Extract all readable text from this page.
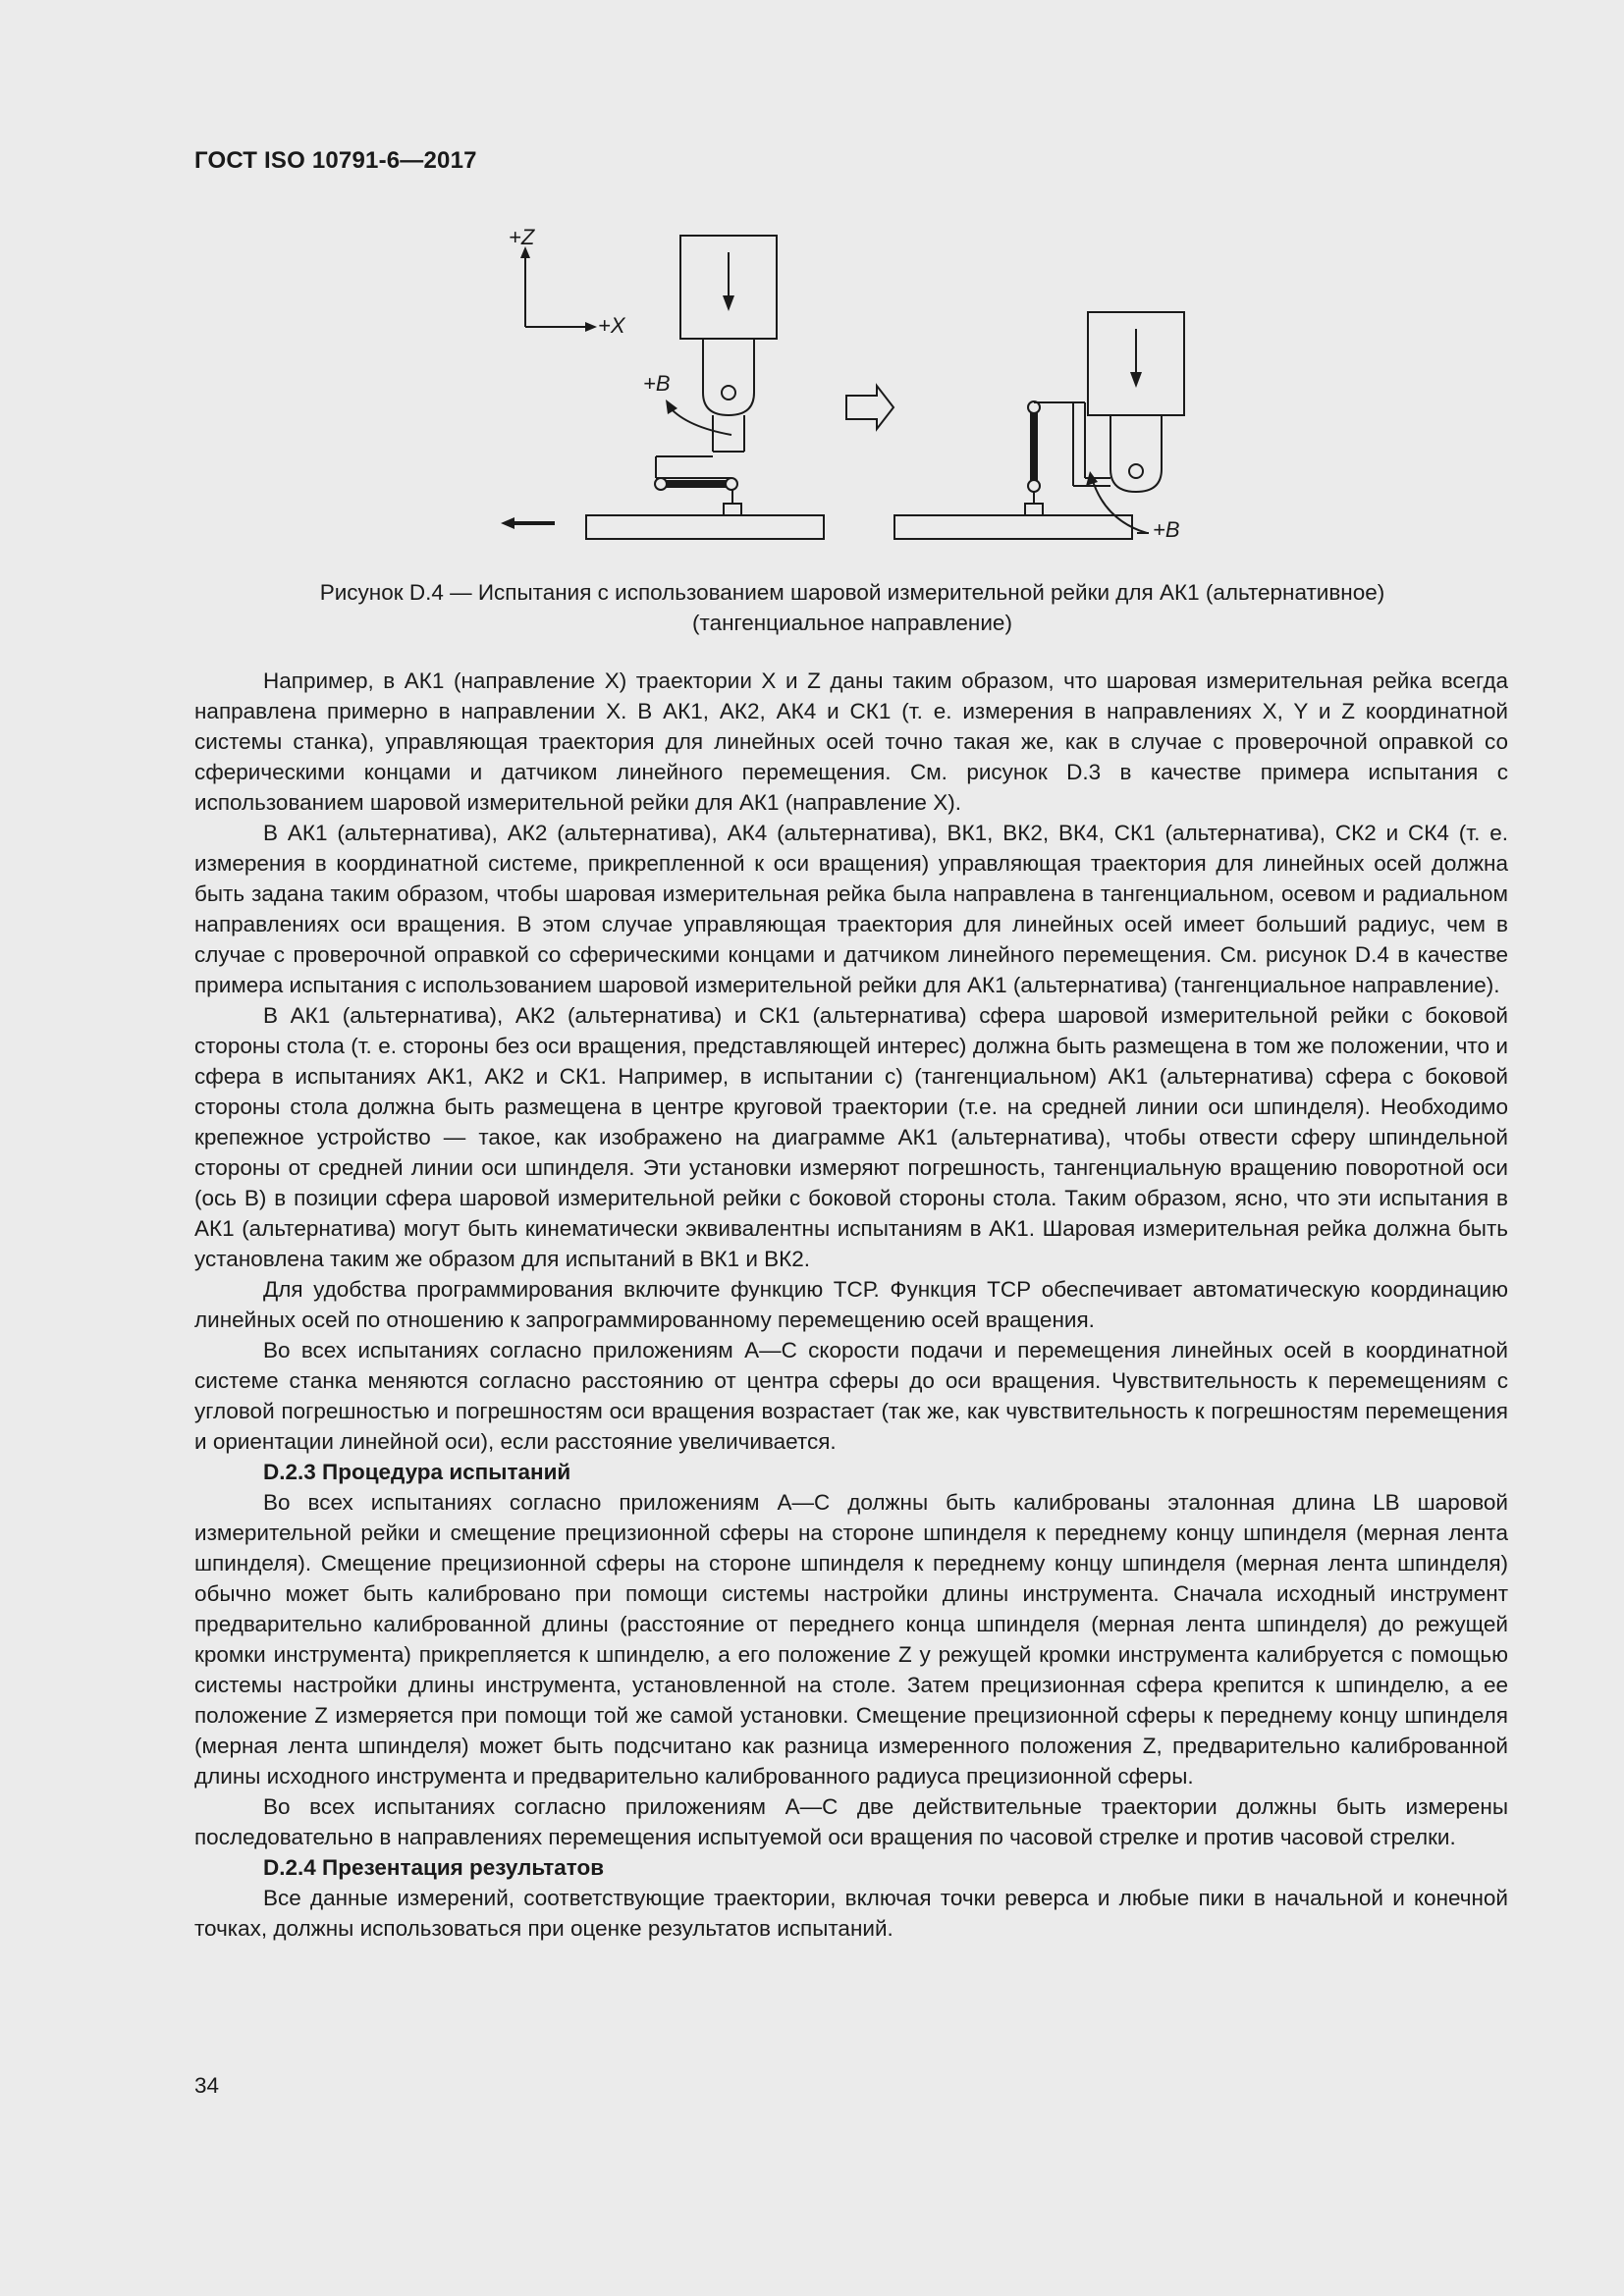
ГОСТ ISO 10791-6—2017
+Z
+X
+B
+B
Рисунок D.4 — Испытания с использованием шаровой измерительной рейки для АК1 (альтернативное)
(тангенциальное направление)

Например, в АК1 (направление X) траектории X и Z даны таким образом, что шаровая измерительная рейка всегда направлена примерно в направлении X. В АК1, АК2, АК4 и СК1 (т. е. измерения в направлениях X, Y и Z координатной системы станка), управляющая траектория для линейных осей точно такая же, как в случае с проверочной оправкой со сферическими концами и датчиком линейного перемещения. См. рисунок D.3 в качестве примера испытания с использованием шаровой измерительной рейки для АК1 (направление X).

В АК1 (альтернатива), АК2 (альтернатива), АК4 (альтернатива), ВК1, ВК2, ВК4, СК1 (альтернатива), СК2 и СК4 (т. е. измерения в координатной системе, прикрепленной к оси вращения) управляющая траектория для линейных осей должна быть задана таким образом, чтобы шаровая измерительная рейка была направлена в тангенциальном, осевом и радиальном направлениях оси вращения. В этом случае управляющая траектория для линейных осей имеет больший радиус, чем в случае с проверочной оправкой со сферическими концами и датчиком линейного перемещения. См. рисунок D.4 в качестве примера испытания с использованием шаровой измерительной рейки для АК1 (альтернатива) (тангенциальное направление).

В АК1 (альтернатива), АК2 (альтернатива) и СК1 (альтернатива) сфера шаровой измерительной рейки с боковой стороны стола (т. е. стороны без оси вращения, представляющей интерес) должна быть размещена в том же положении, что и сфера в испытаниях АК1, АК2 и СК1. Например, в испытании с) (тангенциальном) АК1 (альтернатива) сфера с боковой стороны стола должна быть размещена в центре круговой траектории (т.е. на средней линии оси шпинделя). Необходимо крепежное устройство — такое, как изображено на диаграмме АК1 (альтернатива), чтобы отвести сферу шпиндельной стороны от средней линии оси шпинделя. Эти установки измеряют погрешность, тангенциальную вращению поворотной оси (ось B) в позиции сфера шаровой измерительной рейки с боковой стороны стола. Таким образом, ясно, что эти испытания в АК1 (альтернатива) могут быть кинематически эквивалентны испытаниям в АК1. Шаровая измерительная рейка должна быть установлена таким же образом для испытаний в ВК1 и ВК2.

Для удобства программирования включите функцию ТСР. Функция ТСР обеспечивает автоматическую координацию линейных осей по отношению к запрограммированному перемещению осей вращения.

Во всех испытаниях согласно приложениям А—С скорости подачи и перемещения линейных осей в координатной системе станка меняются согласно расстоянию от центра сферы до оси вращения. Чувствительность к перемещениям с угловой погрешностью и погрешностям оси вращения возрастает (так же, как чувствительность к погрешностям перемещения и ориентации линейной оси), если расстояние увеличивается.

D.2.3 Процедура испытаний

Во всех испытаниях согласно приложениям А—С должны быть калиброваны эталонная длина LB шаровой измерительной рейки и смещение прецизионной сферы на стороне шпинделя к переднему концу шпинделя (мерная лента шпинделя). Смещение прецизионной сферы на стороне шпинделя к переднему концу шпинделя (мерная лента шпинделя) обычно может быть калибровано при помощи системы настройки длины инструмента. Сначала исходный инструмент предварительно калиброванной длины (расстояние от переднего конца шпинделя (мерная лента шпинделя) до режущей кромки инструмента) прикрепляется к шпинделю, а его положение Z у режущей кромки инструмента калибруется с помощью системы настройки длины инструмента, установленной на столе. Затем прецизионная сфера крепится к шпинделю, а ее положение Z измеряется при помощи той же самой установки. Смещение прецизионной сферы к переднему концу шпинделя (мерная лента шпинделя) может быть подсчитано как разница измеренного положения Z, предварительно калиброванной длины исходного инструмента и предварительно калиброванного радиуса прецизионной сферы.

Во всех испытаниях согласно приложениям А—С две действительные траектории должны быть измерены последовательно в направлениях перемещения испытуемой оси вращения по часовой стрелке и против часовой стрелки.

D.2.4 Презентация результатов

Все данные измерений, соответствующие траектории, включая точки реверса и любые пики в начальной и конечной точках, должны использоваться при оценке результатов испытаний.

34
